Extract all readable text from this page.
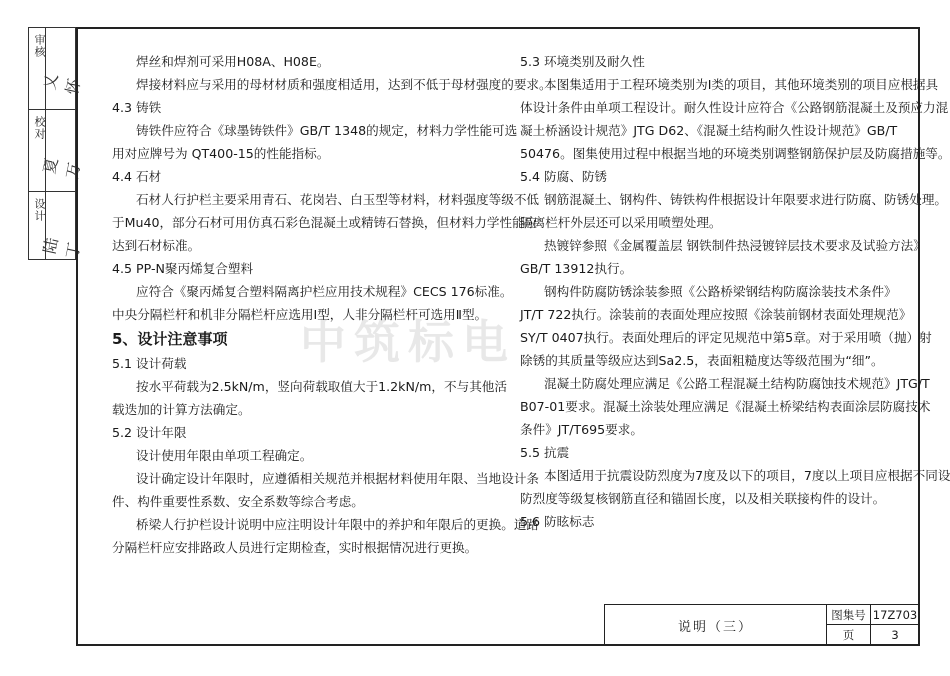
审核
校对
设计
乂怀
夏万
陆丁
中筑标电

焊丝和焊剂可采用H08A、H08E。

焊接材料应与采用的母材材质和强度相适用，达到不低于母材强度的要求。

4.3 铸铁

铸铁件应符合《球墨铸铁件》GB/T 1348的规定，材料力学性能可选

用对应牌号为 QT400-15的性能指标。

4.4 石材

石材人行护栏主要采用青石、花岗岩、白玉型等材料，材料强度等级不低

于Mu40，部分石材可用仿真石彩色混凝土或精铸石替换，但材料力学性能应

达到石材标准。

4.5 PP-N聚丙烯复合塑料

应符合《聚丙烯复合塑料隔离护栏应用技术规程》CECS 176标准。

中央分隔栏杆和机非分隔栏杆应选用Ⅰ型，人非分隔栏杆可选用Ⅱ型。

5、设计注意事项

5.1 设计荷载

按水平荷载为2.5kN/m，竖向荷载取值大于1.2kN/m，不与其他活

载迭加的计算方法确定。

5.2 设计年限

设计使用年限由单项工程确定。

设计确定设计年限时，应遵循相关规范并根据材料使用年限、当地设计条

件、构件重要性系数、安全系数等综合考虑。

桥梁人行护栏设计说明中应注明设计年限中的养护和年限后的更换。道路

分隔栏杆应安排路政人员进行定期检查，实时根据情况进行更换。

5.3 环境类别及耐久性

本图集适用于工程环境类别为Ⅰ类的项目，其他环境类别的项目应根据具

体设计条件由单项工程设计。耐久性设计应符合《公路钢筋混凝土及预应力混

凝土桥涵设计规范》JTG D62、《混凝土结构耐久性设计规范》GB/T

50476。图集使用过程中根据当地的环境类别调整钢筋保护层及防腐措施等。

5.4 防腐、防锈

钢筋混凝土、钢构件、铸铁构件根据设计年限要求进行防腐、防锈处理。

隔离栏杆外层还可以采用喷塑处理。

热镀锌参照《金属覆盖层 钢铁制件热浸镀锌层技术要求及试验方法》

GB/T 13912执行。

钢构件防腐防锈涂装参照《公路桥梁钢结构防腐涂装技术条件》

JT/T 722执行。涂装前的表面处理应按照《涂装前钢材表面处理规范》

SY/T 0407执行。表面处理后的评定见规范中第5章。对于采用喷（抛）射

除锈的其质量等级应达到Sa2.5，表面粗糙度达等级范围为“细”。

混凝土防腐处理应满足《公路工程混凝土结构防腐蚀技术规范》JTG/T

B07-01要求。混凝土涂装处理应满足《混凝土桥梁结构表面涂层防腐技术

条件》JT/T695要求。

5.5 抗震

本图适用于抗震设防烈度为7度及以下的项目，7度以上项目应根据不同设

防烈度等级复核钢筋直径和锚固长度，以及相关联接构件的设计。

5.6 防眩标志

说明（三）
图集号 17Z703
页	3
